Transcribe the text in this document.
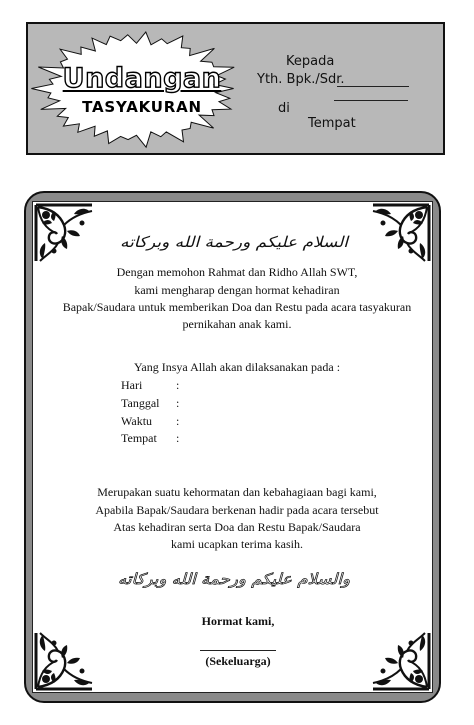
Undangan
TASYAKURAN
Kepada
Yth. Bpk./Sdr.
di
Tempat
السلام عليكم ورحمة الله وبركاته
Dengan memohon Rahmat dan Ridho Allah SWT,
kami mengharap dengan hormat kehadiran
Bapak/Saudara untuk memberikan Doa dan Restu pada acara tasyakuran
pernikahan anak kami.
Yang Insya Allah akan dilaksanakan pada :
Hari	:
Tanggal :
Waktu :
Tempat :
Merupakan suatu kehormatan dan kebahagiaan bagi kami,
Apabila Bapak/Saudara berkenan hadir pada acara tersebut
Atas kehadiran serta Doa dan Restu Bapak/Saudara
kami ucapkan terima kasih.
والسلام عليكم ورحمة الله وبركاته
Hormat kami,
(Sekeluarga)
